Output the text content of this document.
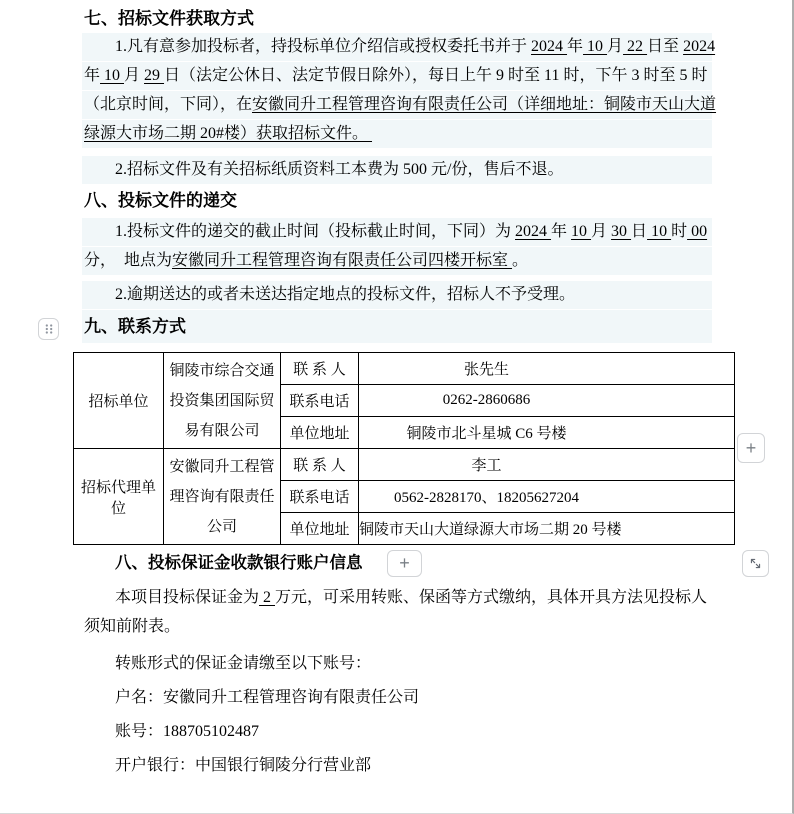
七、招标文件获取方式
1.凡有意参加投标者，持投标单位介绍信或授权委托书并于 2024 年 10 月 22 日至 2024
年 10 月 29 日（法定公休日、法定节假日除外），每日上午 9 时至 11 时，下午 3 时至 5 时
（北京时间，下同），在安徽同升工程管理咨询有限责任公司（详细地址：铜陵市天山大道
绿源大市场二期 20#楼）获取招标文件。
2.招标文件及有关招标纸质资料工本费为 500 元/份，售后不退。
八、投标文件的递交
1.投标文件的递交的截止时间（投标截止时间，下同）为 2024 年 10 月 30 日 10 时 00
分，  地点为安徽同升工程管理咨询有限责任公司四楼开标室 。
2.逾期送达的或者未送达指定地点的投标文件，招标人不予受理。
九、联系方式
招标单位	铜陵市综合交通投资集团国际贸易有限公司	联 系 人	张先生
		联系电话	0262-2860686
		单位地址	铜陵市北斗星城 C6 号楼
招标代理单位	安徽同升工程管理咨询有限责任公司	联 系 人	李工
		联系电话	0562-2828170、18205627204
		单位地址	铜陵市天山大道绿源大市场二期 20 号楼
+
+
八、投标保证金收款银行账户信息
本项目投标保证金为 2 万元，可采用转账、保函等方式缴纳，具体开具方法见投标人
须知前附表。
转账形式的保证金请缴至以下账号：
户名：安徽同升工程管理咨询有限责任公司
账号：188705102487
开户银行：中国银行铜陵分行营业部
